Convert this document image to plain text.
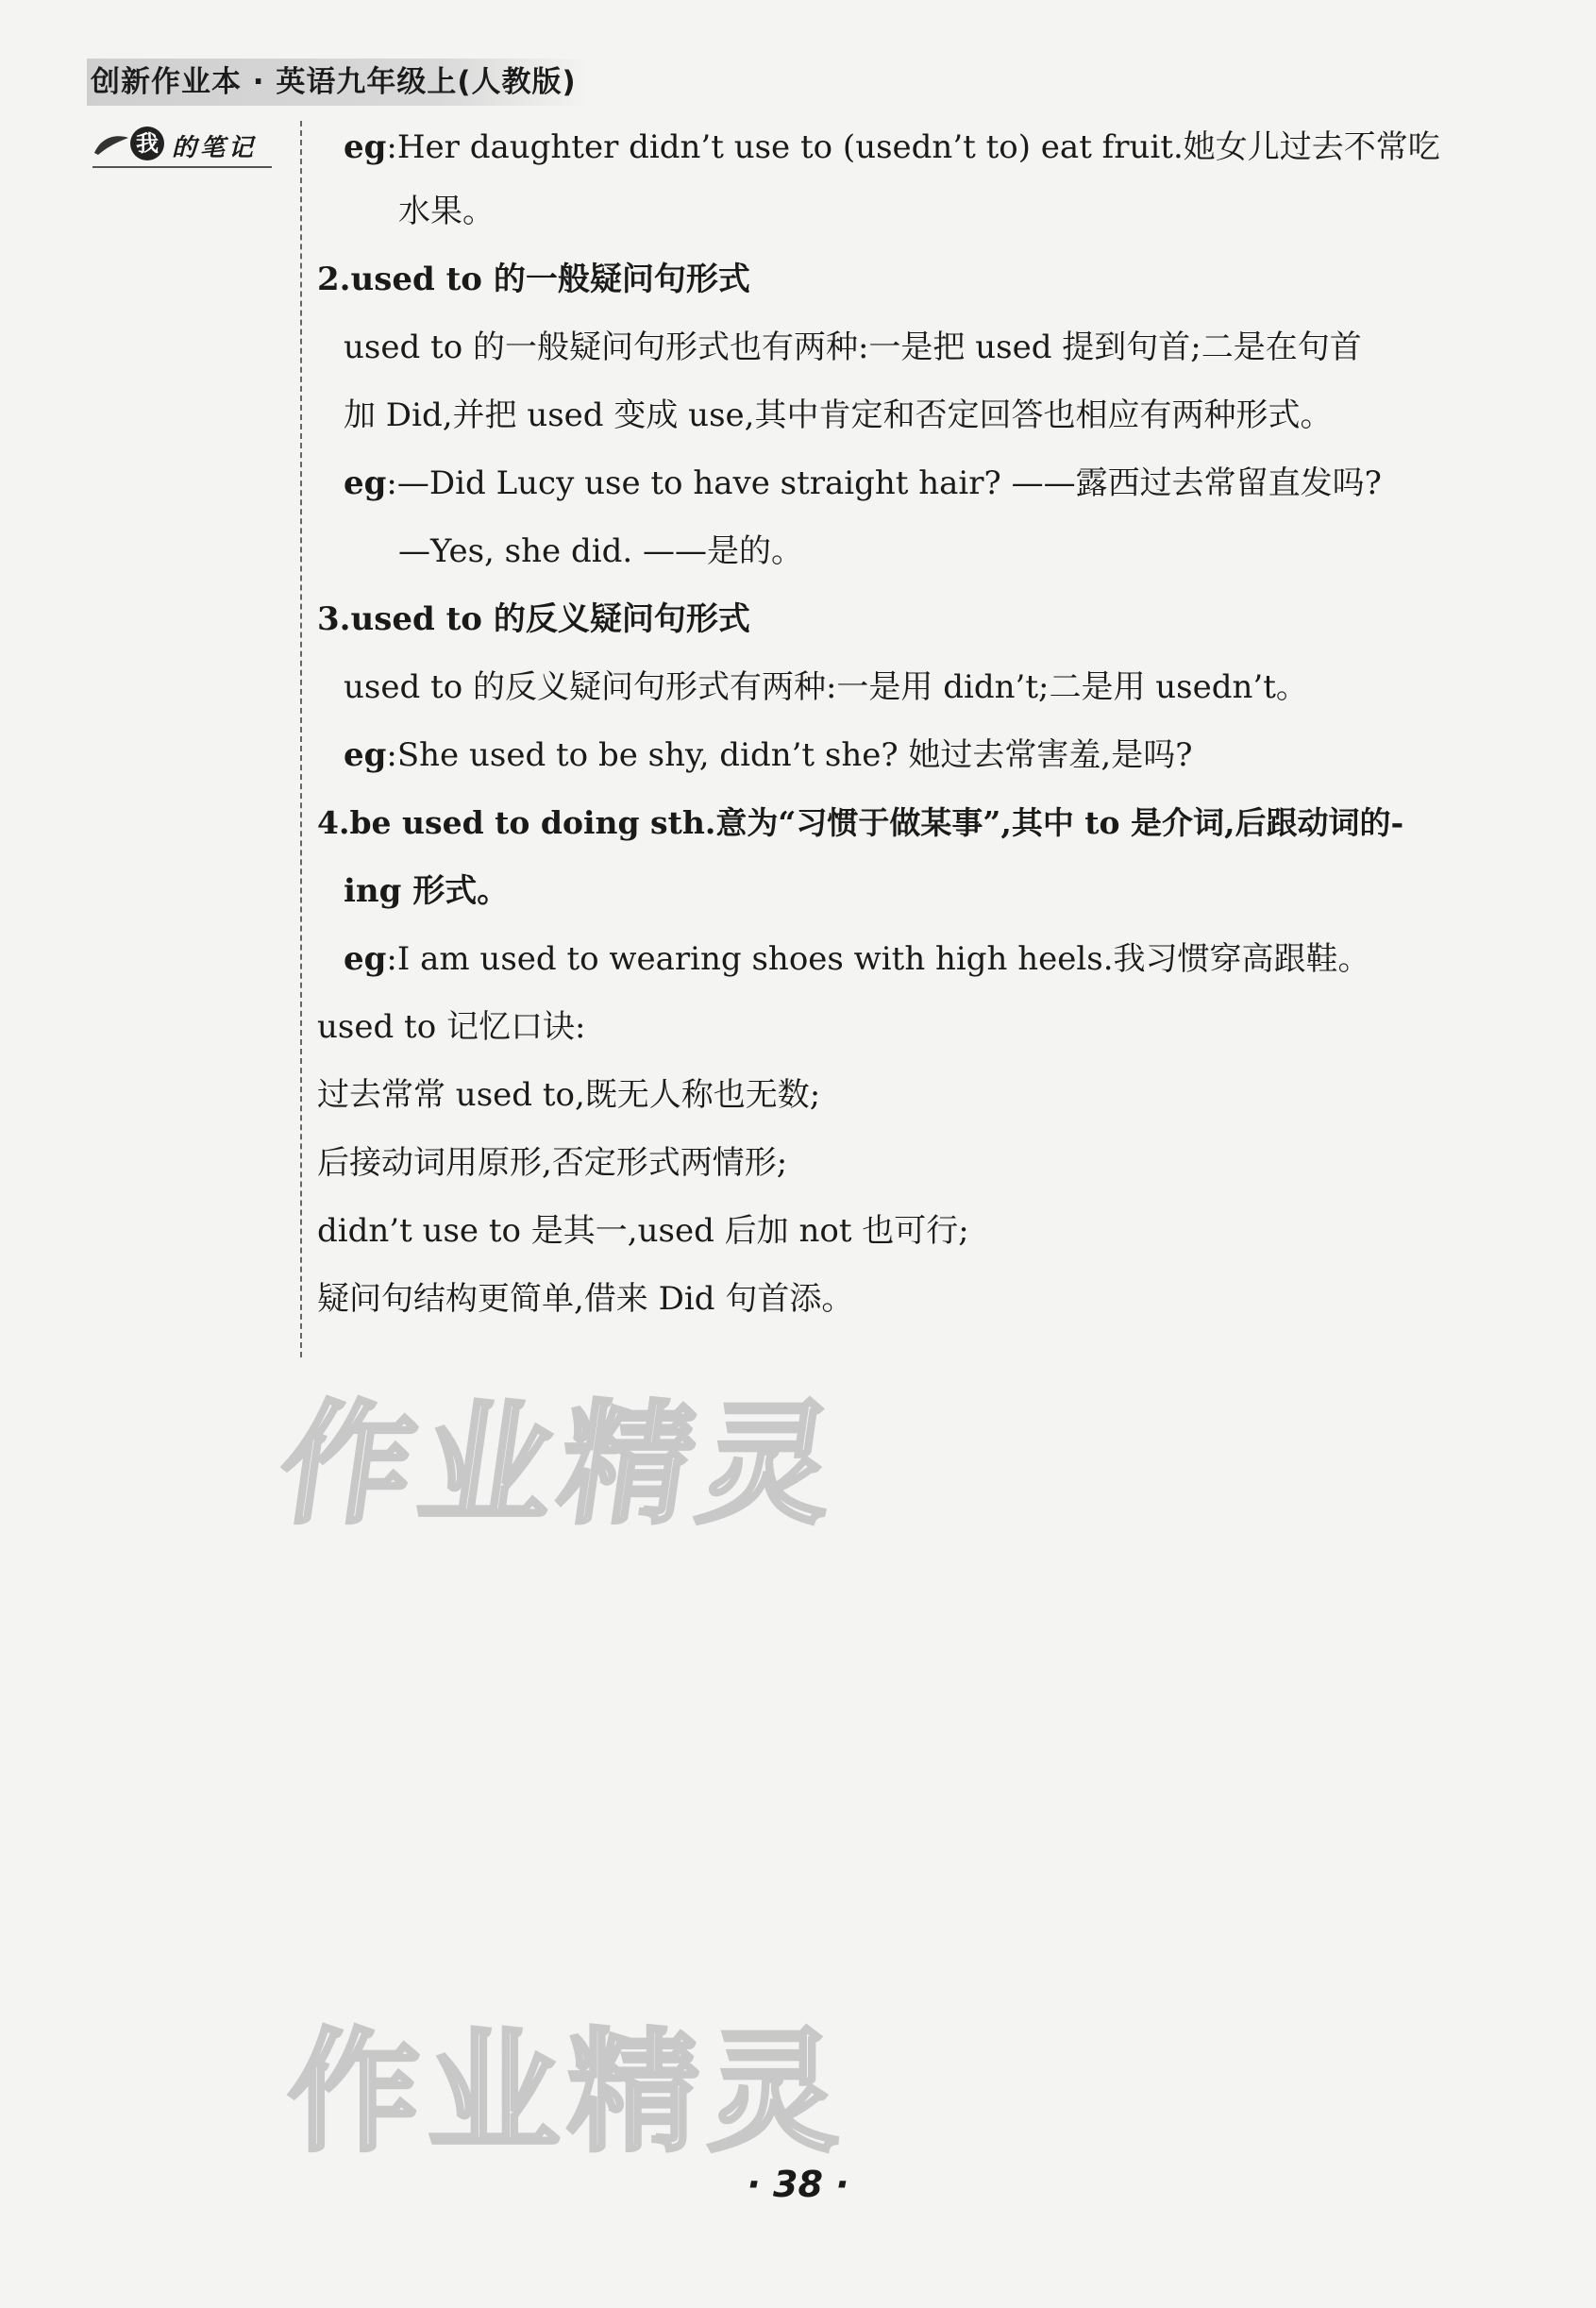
创新作业本 · 英语九年级上(人教版)
我 的笔记	eg:Her daughter didn’t use to (usedn’t to) eat fruit.她女儿过去不常吃
水果。
2.used to 的一般疑问句形式
used to 的一般疑问句形式也有两种:一是把 used 提到句首;二是在句首
加 Did,并把 used 变成 use,其中肯定和否定回答也相应有两种形式。
eg:—Did Lucy use to have straight hair? ——露西过去常留直发吗?
—Yes, she did. ——是的。
3.used to 的反义疑问句形式
used to 的反义疑问句形式有两种:一是用 didn’t;二是用 usedn’t。
eg:She used to be shy, didn’t she? 她过去常害羞,是吗?
4.be used to doing sth.意为“习惯于做某事”,其中 to 是介词,后跟动词的-
ing 形式。
eg:I am used to wearing shoes with high heels.我习惯穿高跟鞋。
used to 记忆口诀:
过去常常 used to,既无人称也无数;
后接动词用原形,否定形式两情形;
didn’t use to 是其一,used 后加 not 也可行;
疑问句结构更简单,借来 Did 句首添。
作业精灵
作业精灵
· 38 ·
